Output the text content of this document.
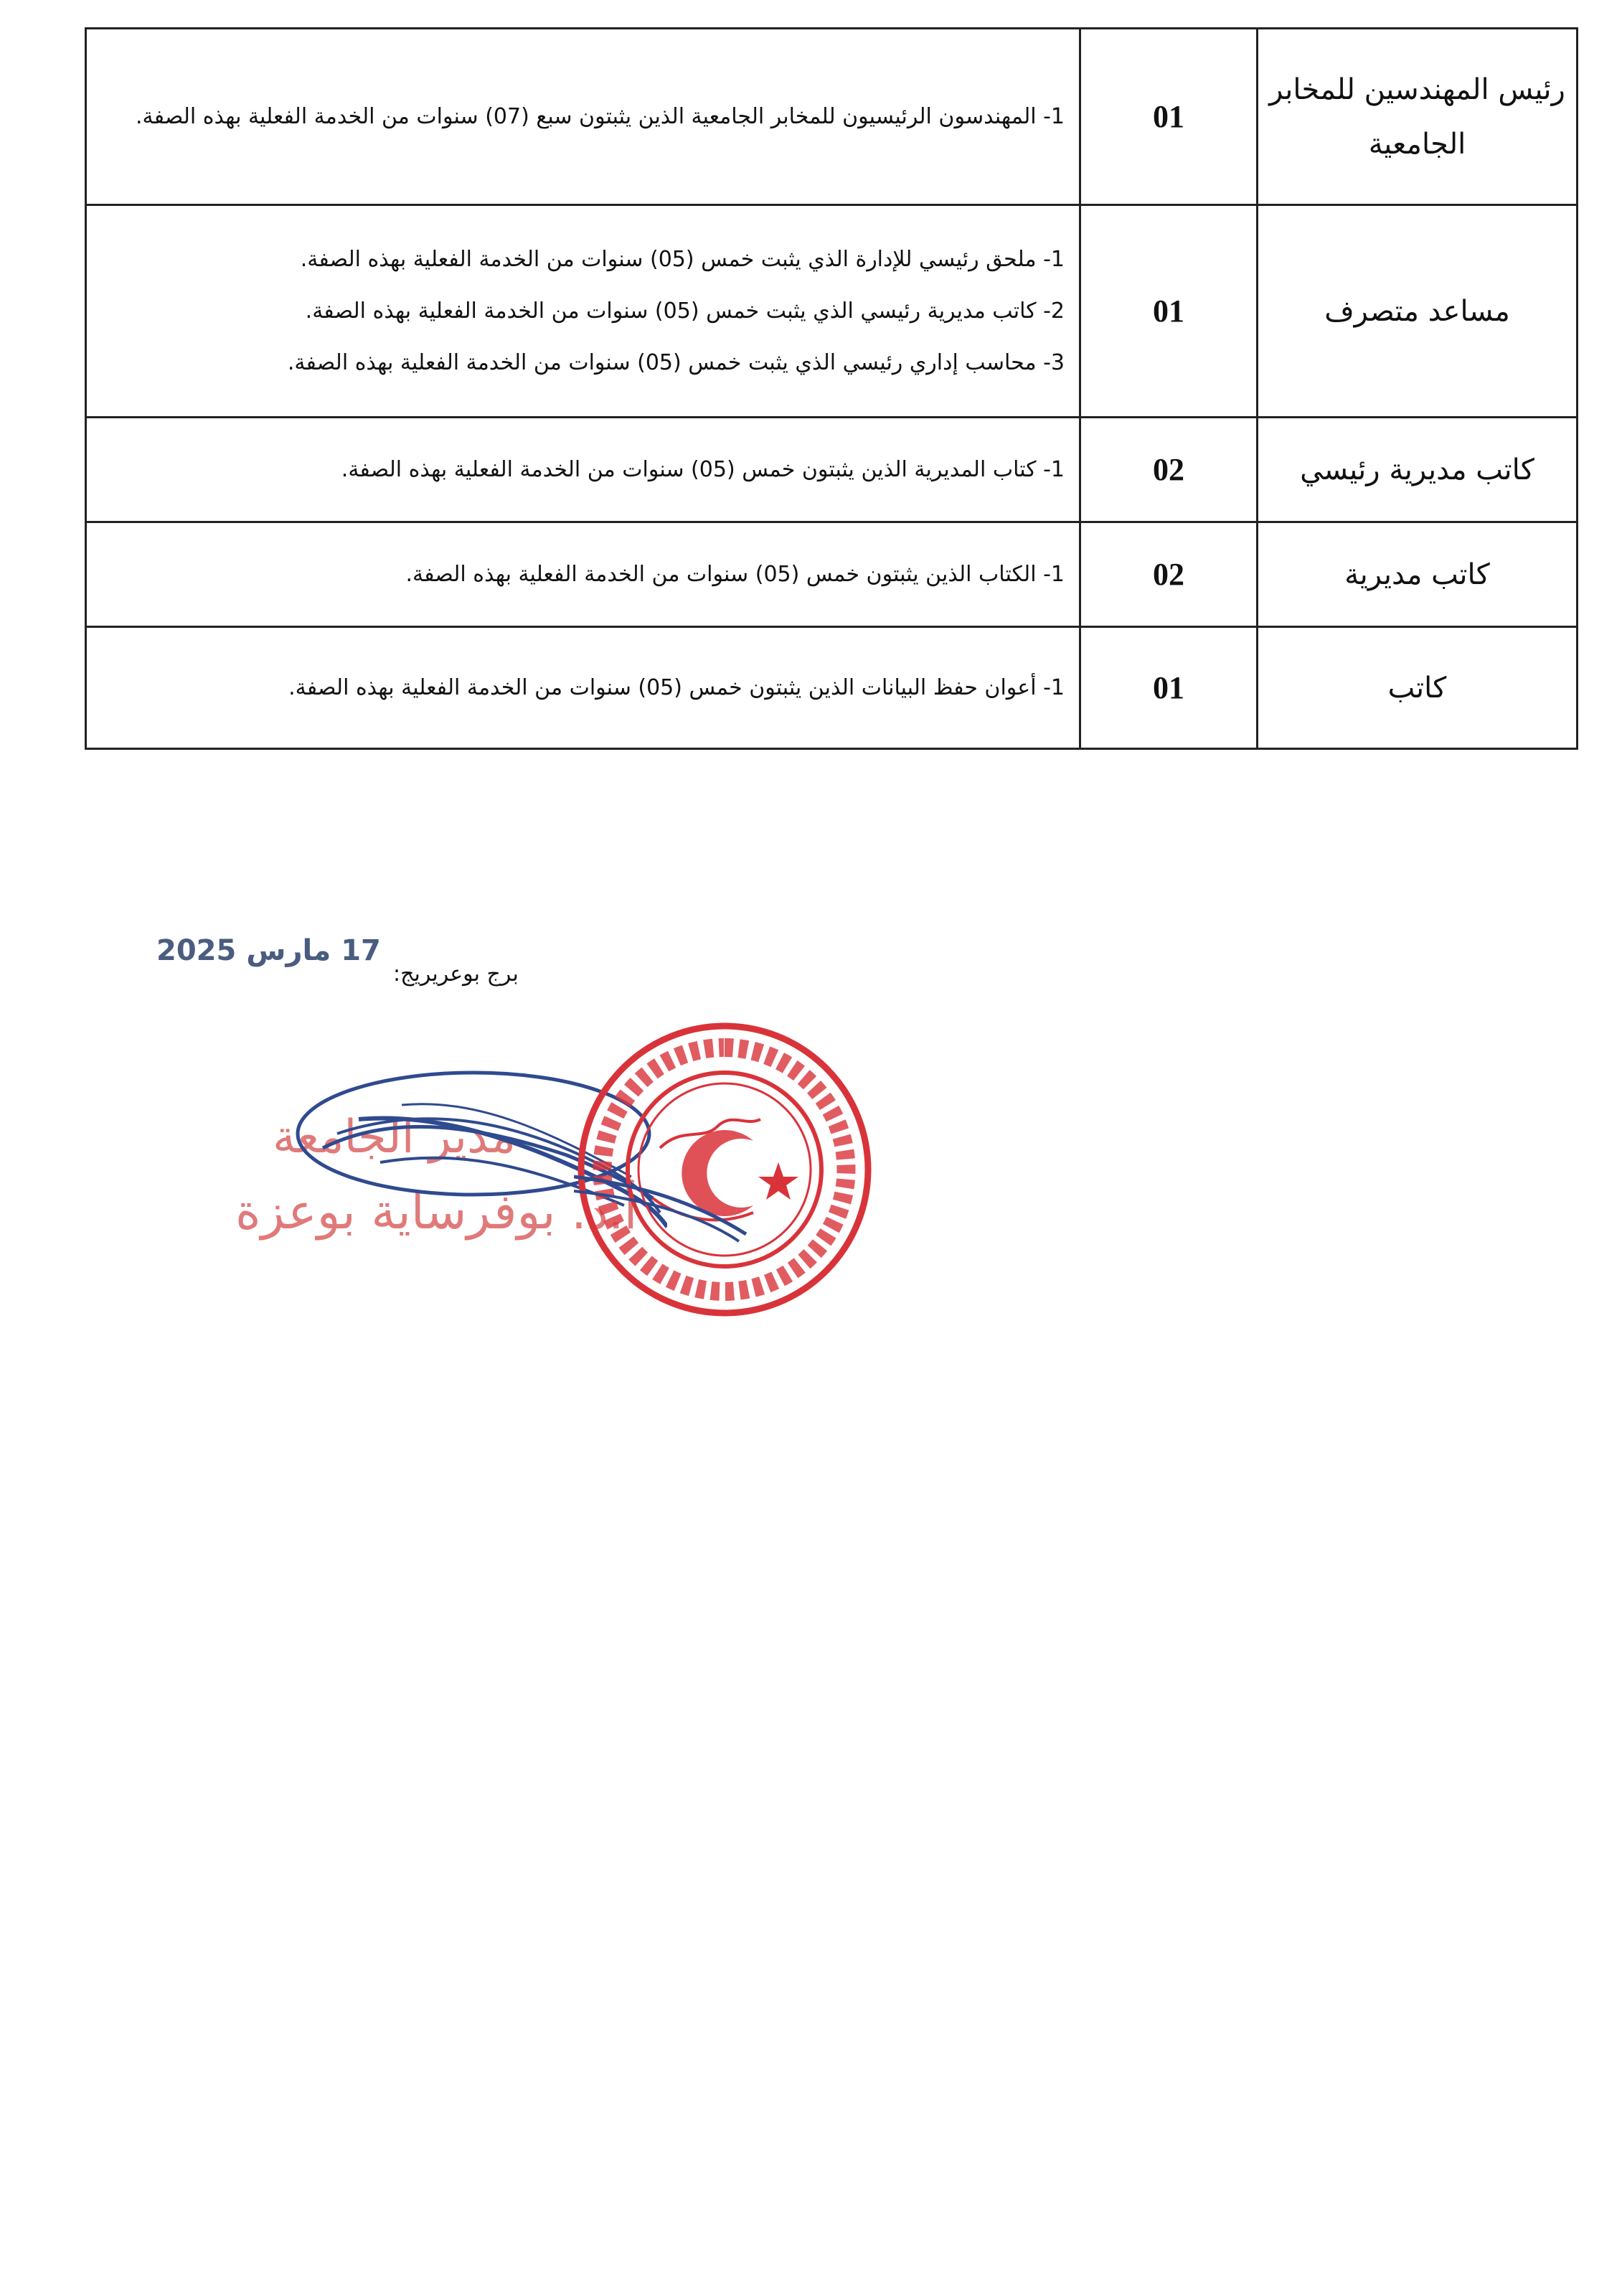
رئيس المهندسين للمخابر الجامعية	01	1- المهندسون الرئيسيون للمخابر الجامعية الذين يثبتون سبع (07) سنوات من الخدمة الفعلية بهذه الصفة.

مساعد متصرف	01	1- ملحق رئيسي للإدارة الذي يثبت خمس (05) سنوات من الخدمة الفعلية بهذه الصفة.
2- كاتب مديرية رئيسي الذي يثبت خمس (05) سنوات من الخدمة الفعلية بهذه الصفة.
3- محاسب إداري رئيسي الذي يثبت خمس (05) سنوات من الخدمة الفعلية بهذه الصفة.

كاتب مديرية رئيسي	02	1- كتاب المديرية الذين يثبتون خمس (05) سنوات من الخدمة الفعلية بهذه الصفة.

كاتب مديرية	02	1- الكتاب الذين يثبتون خمس (05) سنوات من الخدمة الفعلية بهذه الصفة.

كاتب	01	1- أعوان حفظ البيانات الذين يثبتون خمس (05) سنوات من الخدمة الفعلية بهذه الصفة.
17 مارس 2025
برج بوعريريج:
مدير الجامعة
أ.د. بوفرساية بوعزة
